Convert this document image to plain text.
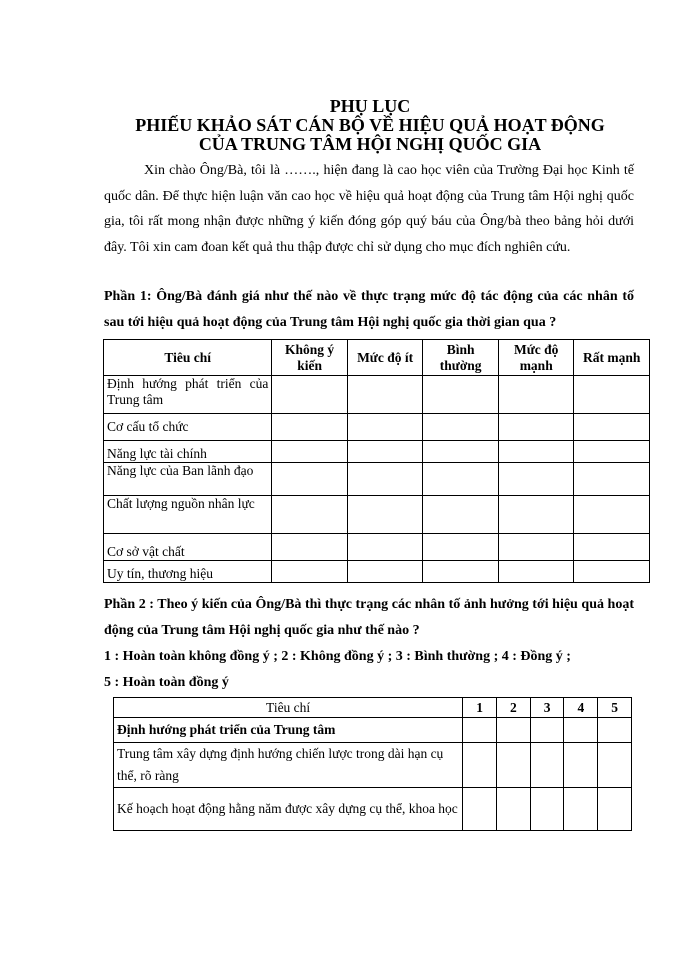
PHỤ LỤC
PHIẾU KHẢO SÁT CÁN BỘ VỀ HIỆU QUẢ HOẠT ĐỘNG
CỦA TRUNG TÂM HỘI NGHỊ QUỐC GIA

Xin chào Ông/Bà, tôi là ……., hiện đang là cao học viên của Trường Đại học Kinh tế quốc dân. Để thực hiện luận văn cao học về hiệu quả hoạt động của Trung tâm Hội nghị quốc gia, tôi rất mong nhận được những ý kiến đóng góp quý báu của Ông/bà theo bảng hỏi dưới đây. Tôi xin cam đoan kết quả thu thập được chỉ sử dụng cho mục đích nghiên cứu.

Phần 1: Ông/Bà đánh giá như thế nào về thực trạng mức độ tác động của các nhân tố sau tới hiệu quả hoạt động của Trung tâm Hội nghị quốc gia thời gian qua ?
Tiêu chí	Không ý kiến	Mức độ ít	Bình thường	Mức độ mạnh	Rất mạnh
Định hướng phát triển của Trung tâm					
Cơ cấu tổ chức					
Năng lực tài chính					
Năng lực của Ban lãnh đạo					
Chất lượng nguồn nhân lực					
Cơ sở vật chất					
Uy tín, thương hiệu					
Phần 2 : Theo ý kiến của Ông/Bà thì thực trạng các nhân tố ảnh hưởng tới hiệu quả hoạt động của Trung tâm Hội nghị quốc gia như thế nào ?
1 : Hoàn toàn không đồng ý ; 2 : Không đồng ý ; 3 : Bình thường ; 4 : Đồng ý ;
5 : Hoàn toàn đồng ý
Tiêu chí	1	2	3	4	5
Định hướng phát triển của Trung tâm					
Trung tâm xây dựng định hướng chiến lược trong dài hạn cụ thể, rõ ràng					
Kế hoạch hoạt động hằng năm được xây dựng cụ thể, khoa học					
